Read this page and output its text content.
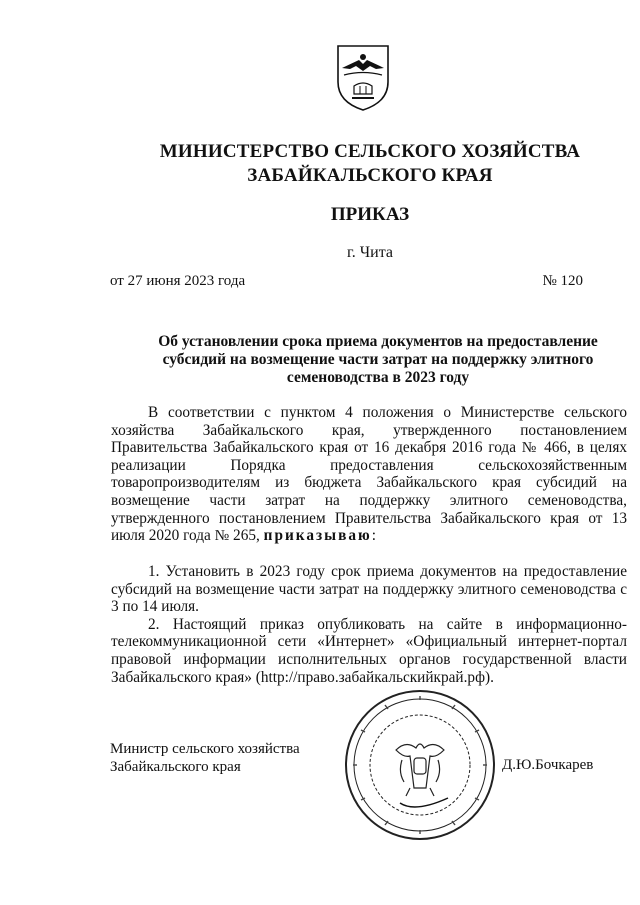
МИНИСТЕРСТВО СЕЛЬСКОГО ХОЗЯЙСТВА
ЗАБАЙКАЛЬСКОГО КРАЯ
ПРИКАЗ
г. Чита
от 27 июня 2023 года	№ 120
Об установлении срока приема документов на предоставление
субсидий на возмещение части затрат на поддержку элитного
семеноводства в 2023 году
В соответствии с пунктом 4 положения о Министерстве сельского хозяйства Забайкальского края, утвержденного постановлением Правительства Забайкальского края от 16 декабря 2016 года № 466, в целях реализации Порядка предоставления сельскохозяйственным товаропроизводителям из бюджета Забайкальского края субсидий на возмещение части затрат на поддержку элитного семеноводства, утвержденного постановлением Правительства Забайкальского края от 13 июля 2020 года № 265, приказываю:

1. Установить в 2023 году срок приема документов на предоставление субсидий на возмещение части затрат на поддержку элитного семеноводства с 3 по 14 июля.

2. Настоящий приказ опубликовать на сайте в информационно-телекоммуникационной сети «Интернет» «Официальный интернет-портал правовой информации исполнительных органов государственной власти Забайкальского края» (http://право.забайкальскийкрай.рф).

Министр сельского хозяйства
Забайкальского края	Д.Ю.Бочкарев
